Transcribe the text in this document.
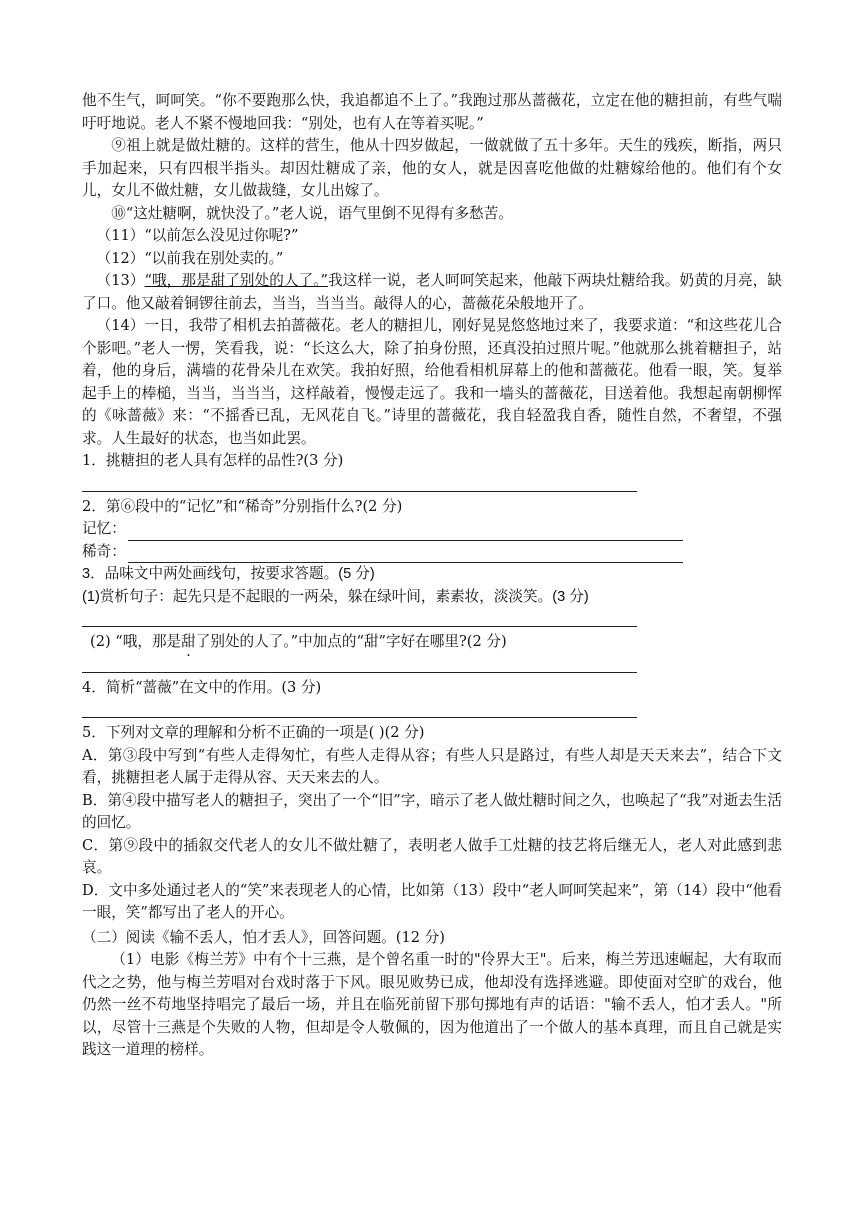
他不生气，呵呵笑。“你不要跑那么快，我追都追不上了。”我跑过那丛蔷薇花，立定在他的糖担前，有些气喘吁吁地说。老人不紧不慢地回我：“别处，也有人在等着买呢。”

⑨祖上就是做灶糖的。这样的营生，他从十四岁做起，一做就做了五十多年。天生的残疾，断指，两只手加起来，只有四根半指头。却因灶糖成了亲，他的女人，就是因喜吃他做的灶糖嫁给他的。他们有个女儿，女儿不做灶糖，女儿做裁缝，女儿出嫁了。

⑩“这灶糖啊，就快没了。”老人说，语气里倒不见得有多愁苦。

（11）“以前怎么没见过你呢?”

（12）“以前我在别处卖的。”

（13）“哦，那是甜了别处的人了。”我这样一说，老人呵呵笑起来，他敲下两块灶糖给我。奶黄的月亮，缺了口。他又敲着铜锣往前去，当当，当当当。敲得人的心，蔷薇花朵般地开了。

（14）一日，我带了相机去拍蔷薇花。老人的糖担儿，刚好晃晃悠悠地过来了，我要求道：“和这些花儿合个影吧。”老人一愣，笑看我，说：“长这么大，除了拍身份照，还真没拍过照片呢。”他就那么挑着糖担子，站着，他的身后，满墙的花骨朵儿在欢笑。我拍好照，给他看相机屏幕上的他和蔷薇花。他看一眼，笑。复举起手上的棒槌，当当，当当当，这样敲着，慢慢走远了。我和一墙头的蔷薇花，目送着他。我想起南朝柳恽的《咏蔷薇》来：“不摇香已乱，无风花自飞。”诗里的蔷薇花，我自轻盈我自香，随性自然，不奢望，不强求。人生最好的状态，也当如此罢。

1．挑糖担的老人具有怎样的品性?(3 分)

2．第⑥段中的“记忆”和“稀奇”分别指什么?(2 分)

记忆：
稀奇：

3．品味文中两处画线句，按要求答题。(5 分)

(1)赏析句子：起先只是不起眼的一两朵，躲在绿叶间，素素妆，淡淡笑。(3 分)

(2) “哦，那是甜了别处的人了。”中加点的“甜”字好在哪里?(2 分)

4．简析“蔷薇”在文中的作用。(3 分)

5．下列对文章的理解和分析不正确的一项是( )(2 分)

A．第③段中写到“有些人走得匆忙，有些人走得从容；有些人只是路过，有些人却是天天来去”，结合下文看，挑糖担老人属于走得从容、天天来去的人。

B．第④段中描写老人的糖担子，突出了一个“旧”字，暗示了老人做灶糖时间之久，也唤起了“我”对逝去生活的回忆。

C．第⑨段中的插叙交代老人的女儿不做灶糖了，表明老人做手工灶糖的技艺将后继无人，老人对此感到悲哀。

D．文中多处通过老人的“笑”来表现老人的心情，比如第（13）段中“老人呵呵笑起来”，第（14）段中“他看一眼，笑”都写出了老人的开心。

（二）阅读《输不丢人，怕才丢人》，回答问题。(12 分)

（1）电影《梅兰芳》中有个十三燕，是个曾名重一时的"伶界大王"。后来，梅兰芳迅速崛起，大有取而代之之势，他与梅兰芳唱对台戏时落于下风。眼见败势已成，他却没有选择逃避。即使面对空旷的戏台，他仍然一丝不苟地坚持唱完了最后一场，并且在临死前留下那句掷地有声的话语："输不丢人，怕才丢人。"所以，尽管十三燕是个失败的人物，但却是令人敬佩的，因为他道出了一个做人的基本真理，而且自己就是实践这一道理的榜样。
